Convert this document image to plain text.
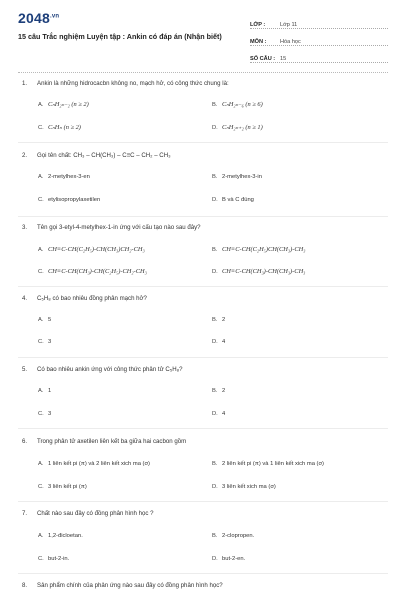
$2048^{.vn}$
15 câu Trắc nghiệm Luyện tập : Ankin có đáp án (Nhận biết)
LỚP :	Lớp 11
MÔN :	Hóa học
SỐ CÂU : 15
1. Ankin là những hidrocacbn không no, mạch hở, có công thức chung là:
A. CₙH₂ₙ₋₂ (n ≥ 2)	B. CₙH₂ₙ₋₆ (n ≥ 6)
C. CₙHₙ (n ≥ 2)	D. CₙH₂ₙ₊₂ (n ≥ 1)
2. Gọi tên chất: CH₃ – CH(CH₃) – C≡C – CH₂ – CH₃
A. 2-metylhex-3-en	B. 2-metylhex-3-in
C. etylisopropylaxetilen	D. B và C đúng
3. Tên gọi 3-etyl-4-metylhex-1-in ứng với cấu tạo nào sau đây?
A. CH≡C-CH(C₂H₅)-CH(CH₃)CH₂-CH₃	B. CH≡C-CH(C₂H₅)CH(CH₃)-CH₃
C. CH≡C-CH(CH₃)-CH(C₂H₅)-CH₂-CH₃	D. CH≡C-CH(CH₃)-CH(CH₃)-CH₃
4. C₅H₈ có bao nhiêu đồng phân mạch hở?
A. 5	B. 2
C. 3	D. 4
5. Có bao nhiêu ankin ứng với công thức phân tử C₅H₈?
A. 1	B. 2
C. 3	D. 4
6. Trong phân tử axetilen liên kết ba giữa hai cacbon gồm
A. 1 liên kết pi (π) và 2 liên kết xich ma (σ)	B. 2 liên kết pi (π) và 1 liên kết xich ma (σ)
C. 3 liên kết pi (π)	D. 3 liên kết xich ma (σ)
7. Chất nào sau đây có đồng phân hình học ?
A. 1,2-đicloetan.	B. 2-clopropen.
C. but-2-in.	D. but-2-en.
8. Sản phẩm chính của phản ứng nào sau đây có đồng phân hình học?
